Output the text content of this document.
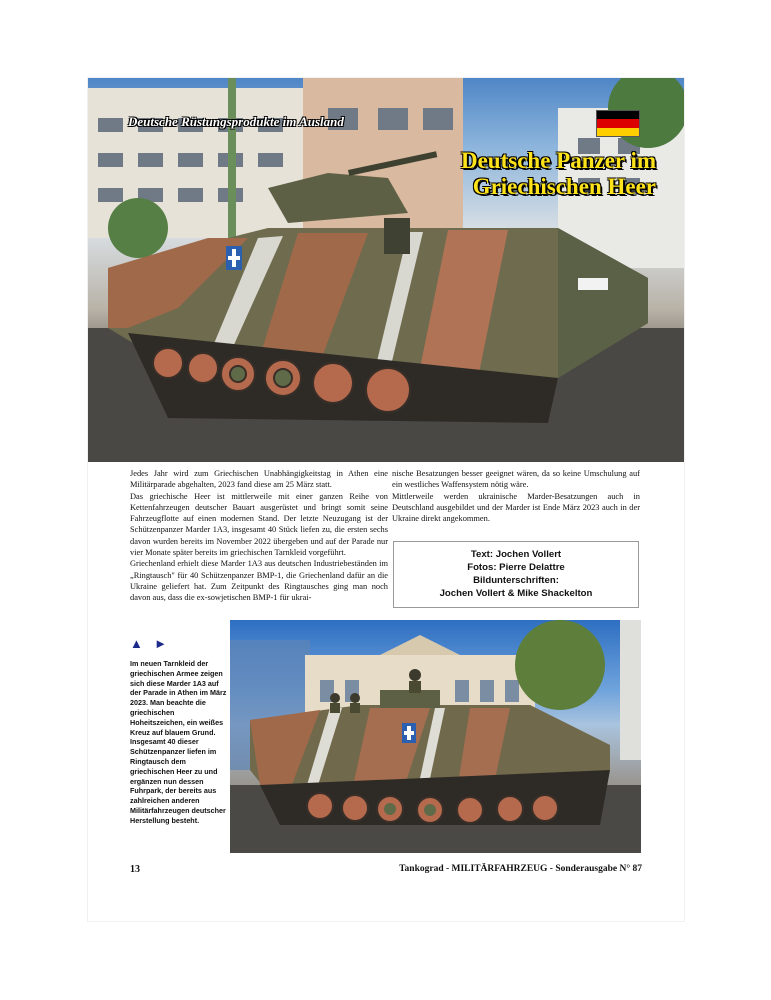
Deutsche Rüstungsprodukte im Ausland
Deutsche Panzer im
Griechischen Heer

Jedes Jahr wird zum Griechischen Unabhängigkeitstag in Athen eine Militärparade abgehalten, 2023 fand diese am 25 März statt.

Das griechische Heer ist mittlerweile mit einer ganzen Reihe von Kettenfahrzeugen deutscher Bauart ausgerüstet und bringt somit seine Fahrzeugflotte auf einen modernen Stand. Der letzte Neuzugang ist der Schützenpanzer Marder 1A3, insgesamt 40 Stück liefen zu, die ersten sechs davon wurden bereits im November 2022 übergeben und auf der Parade nur vier Monate später bereits im griechischen Tarnkleid vorgeführt.

Griechenland erhielt diese Marder 1A3 aus deutschen Industriebeständen im „Ringtausch" für 40 Schützenpanzer BMP-1, die Griechenland dafür an die Ukraine geliefert hat. Zum Zeitpunkt des Ringtausches ging man noch davon aus, dass die ex-sowjetischen BMP-1 für ukrai-

nische Besatzungen besser geeignet wären, da so keine Umschulung auf ein westliches Waffensystem nötig wäre.

Mittlerweile werden ukrainische Marder-Besatzungen auch in Deutschland ausgebildet und der Marder ist Ende März 2023 auch in der Ukraine direkt angekommen.

Text: Jochen Vollert
Fotos: Pierre Delattre
Bildunterschriften:
Jochen Vollert & Mike Shackelton
▲ ►
Im neuen Tarnkleid der griechischen Armee zeigen sich diese Marder 1A3 auf der Parade in Athen im März 2023. Man beachte die griechischen Hoheitszeichen, ein weißes Kreuz auf blauem Grund. Insgesamt 40 dieser Schützenpanzer liefen im Ringtausch dem griechischen Heer zu und ergänzen nun dessen Fuhrpark, der bereits aus zahlreichen anderen Militärfahrzeugen deutscher Herstellung besteht.
13	Tankograd - MILITÄRFAHRZEUG - Sonderausgabe N° 87
